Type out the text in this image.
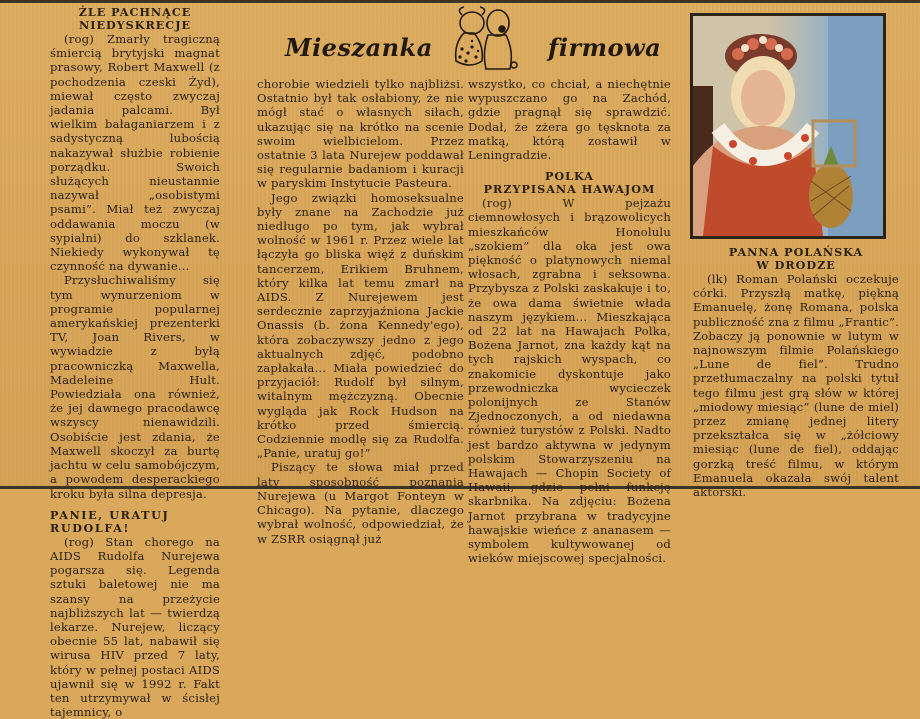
Mieszanka	firmowa
ŻLE PACHNĄCE
NIEDYSKRECJE

(rog) Zmarły tragiczną śmiercią brytyjski magnat prasowy, Robert Maxwell (z pochodzenia czeski Żyd), miewał często zwyczaj jadania palcami. Był wielkim bałaganiarzem i z sadystyczną lubością nakazywał służbie robienie porządku. Swoich służących nieustannie nazywał „osobistymi psami”. Miał też zwyczaj oddawania moczu (w sypialni) do szklanek. Niekiedy wykonywał tę czynność na dywanie...

Przysłuchiwaliśmy się tym wynurzeniom w programie popularnej amerykańskiej prezenterki TV, Joan Rivers, w wywiadzie z byłą pracowniczką Maxwella, Madeleine Hult. Powiedziała ona również, że jej dawnego pracodawcę wszyscy nienawidzili. Osobiście jest zdania, że Maxwell skoczył za burtę jachtu w celu samobójczym, a powodem desperackiego kroku była silna depresja.

PANIE, URATUJ RUDOLFA!

(rog) Stan chorego na AIDS Rudolfa Nurejewa pogarsza się. Legenda sztuki baletowej nie ma szansy na przeżycie najbliższych lat — twierdzą lekarze. Nurejew, liczący obecnie 55 lat, nabawił się wirusa HIV przed 7 laty, który w pełnej postaci AIDS ujawnił się w 1992 r. Fakt ten utrzymywał w ścisłej tajemnicy, o

chorobie wiedzieli tylko najbliżsi. Ostatnio był tak osłabiony, że nie mógł stać o własnych siłach, ukazując się na krótko na scenie swoim wielbicielom. Przez ostatnie 3 lata Nurejew poddawał się regularnie badaniom i kuracji w paryskim Instytucie Pasteura.

Jego związki homoseksualne były znane na Zachodzie już niedługo po tym, jak wybrał wolność w 1961 r. Przez wiele lat łączyła go bliska więź z duńskim tancerzem, Erikiem Bruhnem, który kilka lat temu zmarł na AIDS. Z Nurejewem jest serdecznie zaprzyjaźniona Jackie Onassis (b. żona Kennedy'ego), która zobaczywszy jedno z jego aktualnych zdjęć, podobno zapłakała... Miała powiedzieć do przyjaciół: Rudolf był silnym, witalnym mężczyzną. Obecnie wygląda jak Rock Hudson na krótko przed śmiercią. Codziennie modlę się za Rudolfa. „Panie, uratuj go!”

Piszący te słowa miał przed laty sposobność poznania Nurejewa (u Margot Fonteyn w Chicago). Na pytanie, dlaczego wybrał wolność, odpowiedział, że w ZSRR osiągnął już

wszystko, co chciał, a niechętnie wypuszczano go na Zachód, gdzie pragnął się sprawdzić. Dodał, że zżera go tęsknota za matką, którą zostawił w Leningradzie.

POLKA
PRZYPISANA HAWAJOM

(rog) W pejzażu ciemnowłosych i brązowolicych mieszkańców Honolulu „szokiem” dla oka jest owa piękność o platynowych niemal włosach, zgrabna i seksowna. Przybysza z Polski zaskakuje i to, że owa dama świetnie włada naszym językiem... Mieszkająca od 22 lat na Hawajach Polka, Bożena Jarnot, zna każdy kąt na tych rajskich wyspach, co znakomicie dyskontuje jako przewodniczka wycieczek polonijnych ze Stanów Zjednoczonych, a od niedawna również turystów z Polski. Nadto jest bardzo aktywna w jedynym polskim Stowarzyszeniu na Hawajach — Chopin Society of Hawaii, gdzie pełni funkcję skarbnika. Na zdjęciu: Bożena Jarnot przybrana w tradycyjne hawajskie wieńce z ananasem — symbolem kultywowanej od wieków miejscowej specjalności.

PANNA POLAŃSKA
W DRODZE

(lk) Roman Polański oczekuje córki. Przyszłą matkę, piękną Emanuelę, żonę Romana, polska publiczność zna z filmu „Frantic”. Zobaczy ją ponownie w lutym w najnowszym filmie Polańskiego „Lune de fiel”. Trudno przetłumaczalny na polski tytuł tego filmu jest grą słów w której „miodowy miesiąc” (lune de miel) przez zmianę jednej litery przekształca się w „żółciowy miesiąc (lune de fiel), oddając gorzką treść filmu, w którym Emanuela okazała swój talent aktorski.
